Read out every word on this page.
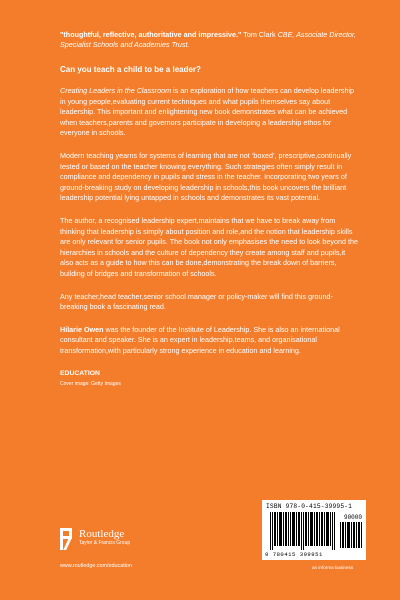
"thoughtful, reflective, authoritative and impressive." Tom Clark CBE, Associate Director, Specialist Schools and Academies Trust.
Can you teach a child to be a leader?

Creating Leaders in the Classroom is an exploration of how teachers can develop leadership in young people,evaluating current techniques and what pupils themselves say about leadership. This important and enlightening new book demonstrates what can be achieved when teachers,parents and governors participate in developing a leadership ethos for everyone in schools.

Modern teaching yearns for systems of learning that are not ‘boxed’, prescriptive,continually tested or based on the teacher knowing everything. Such strategies often simply result in compliance and dependency in pupils and stress in the teacher. Incorporating two years of ground-breaking study on developing leadership in schools,this book uncovers the brilliant leadership potential lying untapped in schools and demonstrates its vast potential.

The author, a recognised leadership expert,maintains that we have to break away from thinking that leadership is simply about position and role,and the notion that leadership skills are only relevant for senior pupils. The book not only emphasises the need to look beyond the hierarchies in schools and the culture of dependency they create among staff and pupils,it also acts as a guide to how this can be done,demonstrating the break down of barriers, building of bridges and transformation of schools.

Any teacher,head teacher,senior school manager or policy-maker will find this ground-breaking book a fascinating read.

Hilarie Owen was the founder of the Institute of Leadership. She is also an international consultant and speaker. She is an expert in leadership,teams, and organisational transformation,with particularly strong experience in education and learning.

EDUCATION
Cover image: Getty Images
Routledge
Taylor & Francis Group
www.routledge.com/education
ISBN 978-0-415-39995-1
90000
9 780415 399951
an informa business
